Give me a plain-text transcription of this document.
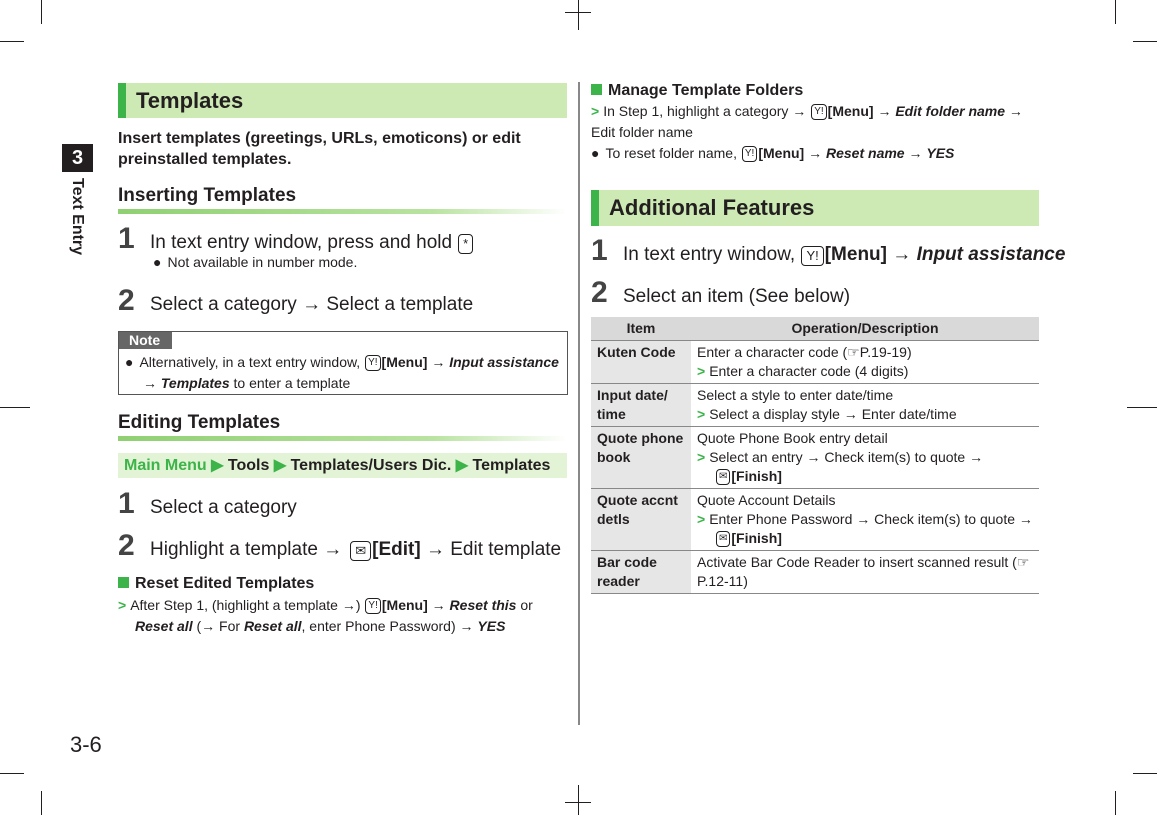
3
Text Entry
3-6
Templates
Insert templates (greetings, URLs, emoticons) or edit preinstalled templates.
Inserting Templates
1 In text entry window, press and hold *
● Not available in number mode.
2 Select a category → Select a template
Note
● Alternatively, in a text entry window, Y! [Menu] → Input assistance
→ Templates to enter a template
Editing Templates
Main Menu ▶ Tools ▶ Templates/Users Dic. ▶ Templates
1 Select a category
2 Highlight a template →	✉ [Edit]
→ Edit template
Reset Edited Templates
> After Step 1, (highlight a template →) Y! [Menu] → Reset this or
Reset all (→ For Reset all, enter Phone Password) → YES
Manage Template Folders
> In Step 1, highlight a category → Y! [Menu] → Edit folder name → Edit folder name
● To reset folder name, Y! [Menu] → Reset name → YES
Additional Features
1 In text entry window,
Y! [Menu]
→
Input assistance
2 Select an item (See below)
Item	Operation/Description
Kuten Code	Enter a character code (☞P.19-19)
> Enter a character code (4 digits)

Input date/ time	Select a style to enter date/time
> Select a display style → Enter date/time

Quote phone book	Quote Phone Book entry detail
> Select an entry → Check item(s) to quote →
✉ [Finish]

Quote accnt detls	Quote Account Details
> Enter Phone Password → Check item(s) to quote →
✉ [Finish]

Bar code reader	Activate Bar Code Reader to insert scanned result (☞P.12-11)
